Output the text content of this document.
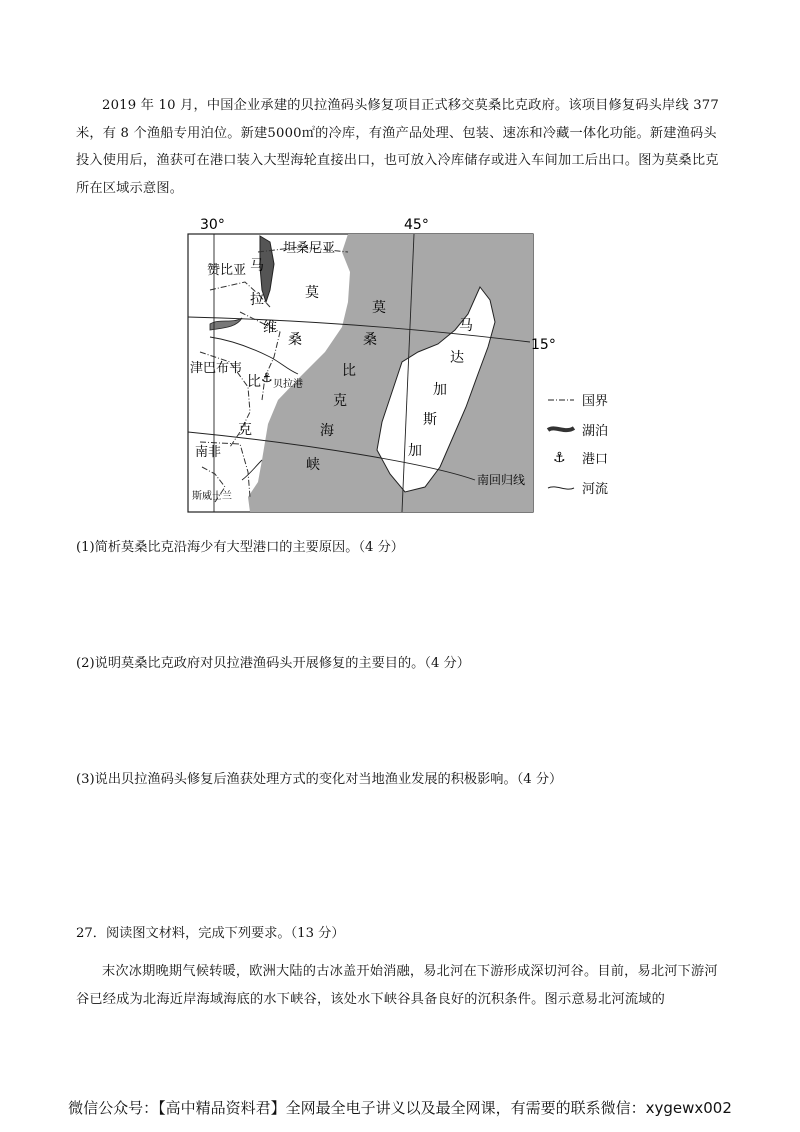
2019 年 10 月，中国企业承建的贝拉渔码头修复项目正式移交莫桑比克政府。该项目修复码头岸线 377 米，有 8 个渔船专用泊位。新建5000㎡的冷库，有渔产品处理、包装、速冻和冷藏一体化功能。新建渔码头投入使用后，渔获可在港口装入大型海轮直接出口，也可放入冷库储存或进入车间加工后出口。图为莫桑比克所在区域示意图。
30°	45°
15°
南回归线
坦桑尼亚
赞比亚
津巴布韦
南非
斯威士兰
马
拉
维
莫
桑
比
克
⚓ 贝拉港
莫
桑
比
克
海
峡
马
达
加
斯
加
国界
湖泊
⚓ 港口
河流
(1)简析莫桑比克沿海少有大型港口的主要原因。（4 分）
(2)说明莫桑比克政府对贝拉港渔码头开展修复的主要目的。（4 分）
(3)说出贝拉渔码头修复后渔获处理方式的变化对当地渔业发展的积极影响。（4 分）
27．阅读图文材料，完成下列要求。（13 分）
末次冰期晚期气候转暖，欧洲大陆的古冰盖开始消融，易北河在下游形成深切河谷。目前，易北河下游河谷已经成为北海近岸海域海底的水下峡谷，该处水下峡谷具备良好的沉积条件。图示意易北河流域的
微信公众号：【高中精品资料君】全网最全电子讲义以及最全网课，有需要的联系微信：xygewx002
